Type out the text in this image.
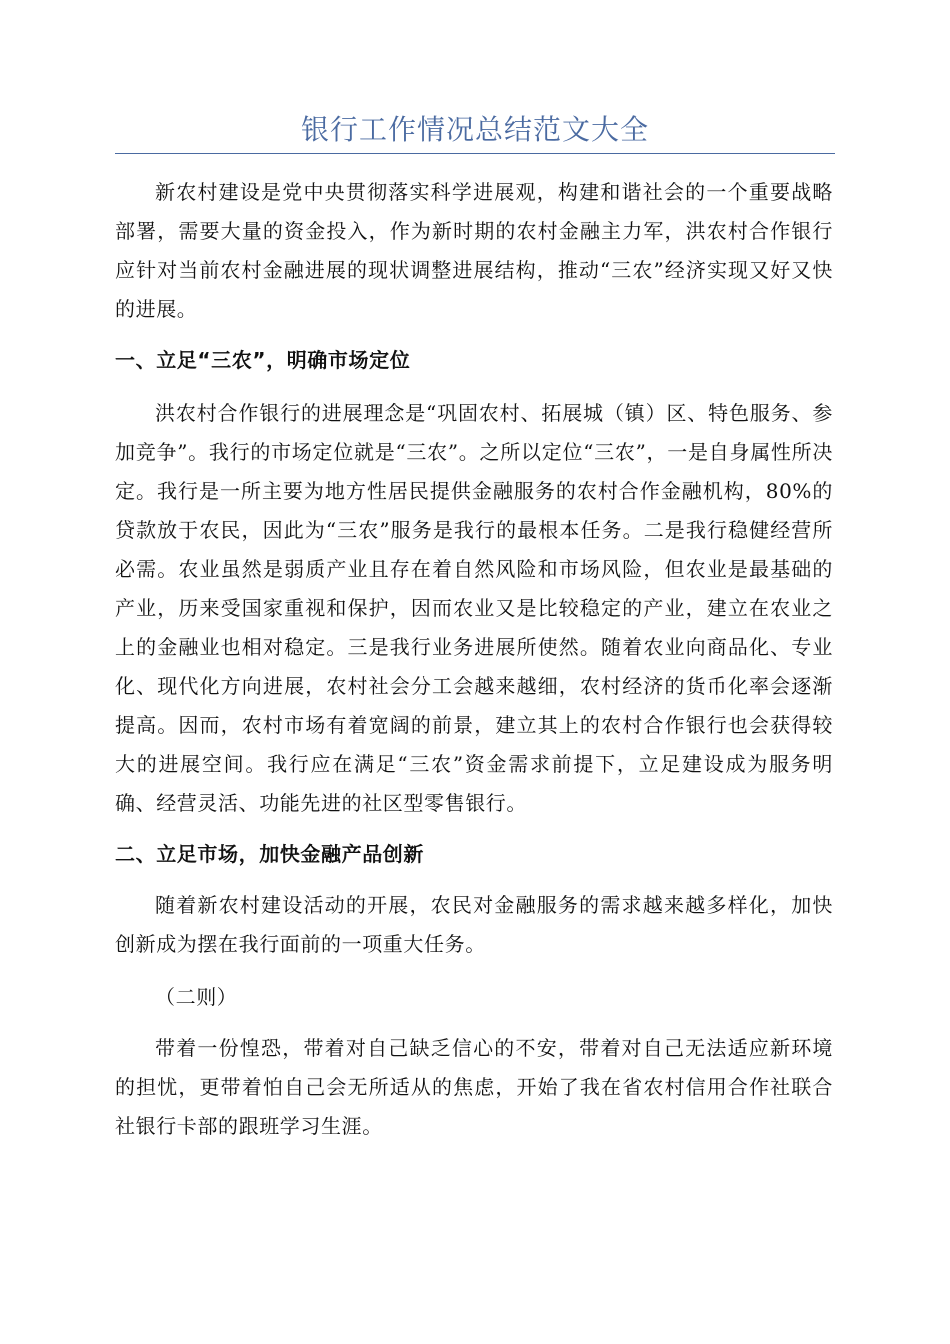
银行工作情况总结范文大全

新农村建设是党中央贯彻落实科学进展观，构建和谐社会的一个重要战略部署，需要大量的资金投入，作为新时期的农村金融主力军，洪农村合作银行应针对当前农村金融进展的现状调整进展结构，推动“三农”经济实现又好又快的进展。

一、立足“三农”，明确市场定位

洪农村合作银行的进展理念是“巩固农村、拓展城（镇）区、特色服务、参加竞争”。我行的市场定位就是“三农”。之所以定位“三农”，一是自身属性所决定。我行是一所主要为地方性居民提供金融服务的农村合作金融机构，80%的贷款放于农民，因此为“三农”服务是我行的最根本任务。二是我行稳健经营所必需。农业虽然是弱质产业且存在着自然风险和市场风险，但农业是最基础的产业，历来受国家重视和保护，因而农业又是比较稳定的产业，建立在农业之上的金融业也相对稳定。三是我行业务进展所使然。随着农业向商品化、专业化、现代化方向进展，农村社会分工会越来越细，农村经济的货币化率会逐渐提高。因而，农村市场有着宽阔的前景，建立其上的农村合作银行也会获得较大的进展空间。我行应在满足“三农”资金需求前提下，立足建设成为服务明确、经营灵活、功能先进的社区型零售银行。

二、立足市场，加快金融产品创新

随着新农村建设活动的开展，农民对金融服务的需求越来越多样化，加快创新成为摆在我行面前的一项重大任务。

（二则）

带着一份惶恐，带着对自己缺乏信心的不安，带着对自己无法适应新环境的担忧，更带着怕自己会无所适从的焦虑，开始了我在省农村信用合作社联合社银行卡部的跟班学习生涯。
